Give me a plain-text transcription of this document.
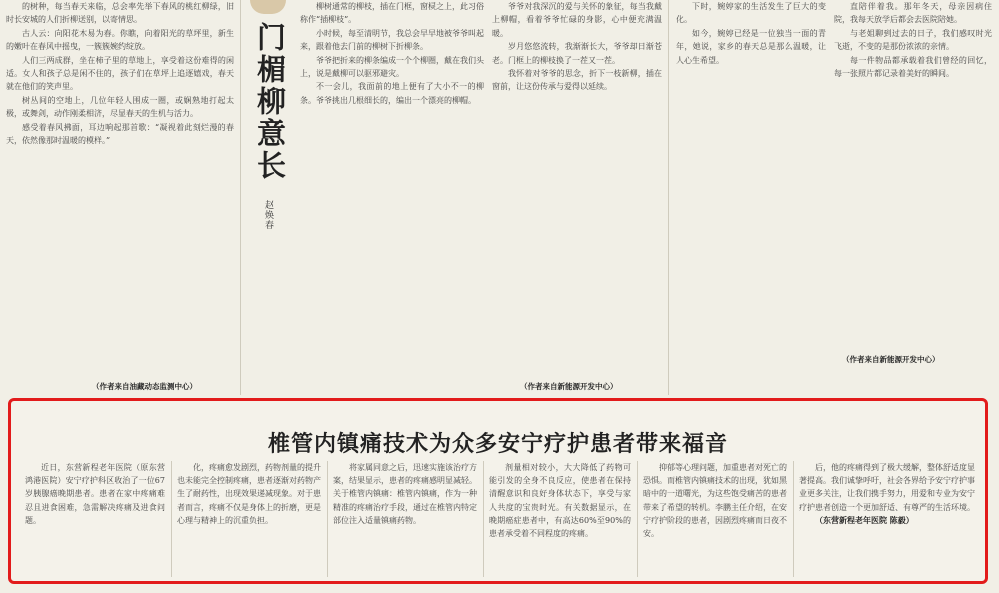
的树种，每当春天来临，总会率先举下春风的桃红柳绿，旧时长安城的人们折柳送别，以寄情思。

古人云：向阳花木易为春。你瞧，向着阳光的草坪里，新生的嫩叶在春风中摇曳，一簇簇婉约绽放。

人们三两成群，坐在柿子里的草地上，享受着这份难得的闲适。女人和孩子总是闲不住的，孩子们在草坪上追逐嬉戏，春天就在他们的笑声里。

树丛间的空地上，几位年轻人围成一圈，或娴熟地打起太极，或舞剑，动作刚柔相济，尽显春天的生机与活力。

感受着春风拂面，耳边响起那首歌：“凝视着此刻烂漫的春天，依然像那时温暖的模样。”

（作者来自油藏动态监测中心）
门楣柳意长
赵焕春

柳树通常的柳枝，插在门框，窗棂之上，此习俗称作“插柳枝”。

小时候，每至清明节，我总会早早地被爷爷叫起来，跟着他去门前的柳树下折柳条。

爷爷把折来的柳条编成一个个柳圈，戴在我们头上，说是戴柳可以驱邪避灾。

不一会儿，我面前的地上便有了大小不一的柳条。爷爷挑出几根细长的，编出一个漂亮的柳帽。

爷爷对我深沉的爱与关怀的象征，每当我戴上柳帽，看着爷爷忙碌的身影，心中便充满温暖。

岁月悠悠流转，我渐渐长大，爷爷却日渐苍老。门框上的柳枝换了一茬又一茬。

我怀着对爷爷的思念，折下一枝新柳，插在窗前，让这份传承与爱得以延续。

（作者来自新能源开发中心）

下时，婉婷家的生活发生了巨大的变化。

如今，婉婷已经是一位独当一面的青年，她说，家乡的春天总是那么温暖，让人心生希望。

直陪伴着我。那年冬天，母亲因病住院，我每天放学后都会去医院陪她。

与老姐聊到过去的日子，我们感叹时光飞逝，不变的是那份浓浓的亲情。

每一件物品都承载着我们曾经的回忆，每一张照片都记录着美好的瞬间。

（作者来自新能源开发中心）
椎管内镇痛技术为众多安宁疗护患者带来福音

近日，东营新程老年医院（原东营鸿港医院）安宁疗护科区收治了一位67岁胰腺癌晚期患者。患者在家中疼痛难忍且进食困难，急需解决疼痛及进食问题。

化，疼痛愈发剧烈，药物剂量的提升也未能完全控制疼痛，患者逐渐对药物产生了耐药性，出现效果递减现象。对于患者而言，疼痛不仅是身体上的折磨，更是心理与精神上的沉重负担。

将家属同意之后，迅速实施该治疗方案，结果显示，患者的疼痛感明显减轻。关于椎管内镇痛：椎管内镇痛，作为一种精准的疼痛治疗手段，通过在椎管内特定部位注入适量镇痛药物。

剂量相对较小，大大降低了药物可能引发的全身不良反应，使患者在保持清醒意识和良好身体状态下，享受与家人共度的宝贵时光。有关数据显示，在晚期癌症患者中，有高达60%至90%的患者承受着不同程度的疼痛。

抑郁等心理问题，加重患者对死亡的恐惧。而椎管内镇痛技术的出现，犹如黑暗中的一道曙光，为这些饱受痛苦的患者带来了希望的转机。李鹏主任介绍，在安宁疗护阶段的患者，因剧烈疼痛而日夜不安。

后，他的疼痛得到了极大缓解，整体舒适度显著提高。我们诚挚呼吁，社会各界给予安宁疗护事业更多关注，让我们携手努力，用爱和专业为安宁疗护患者创造一个更加舒适、有尊严的生活环境。

（东营新程老年医院 陈毅）
